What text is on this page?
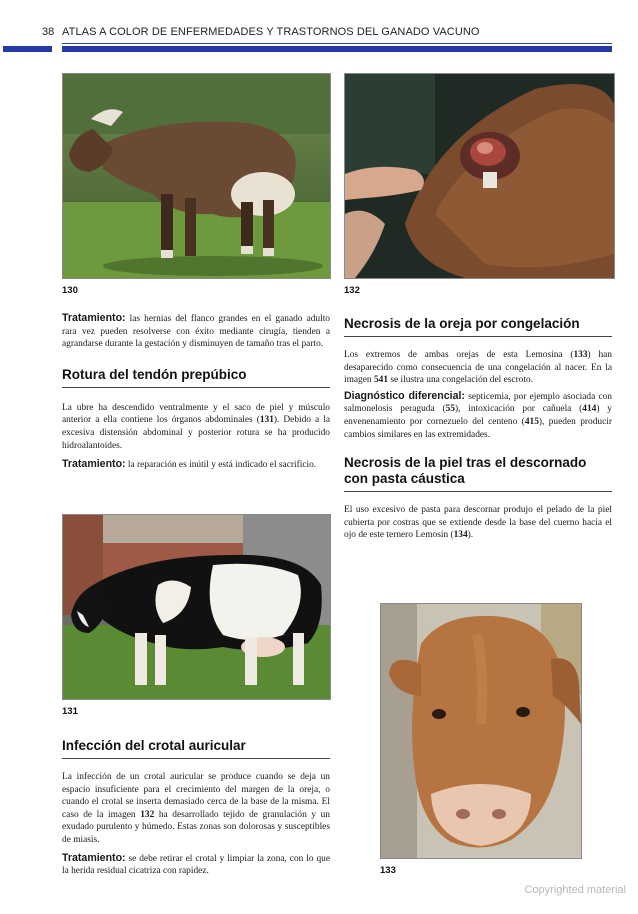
38 ATLAS A COLOR DE ENFERMEDADES Y TRASTORNOS DEL GANADO VACUNO
130	132

Tratamiento: las hernias del flanco grandes en el ganado adulto rara vez pueden resolverse con éxito mediante cirugía, tienden a agrandarse durante la gestación y disminuyen de tamaño tras el parto.

Rotura del tendón prepúbico

La ubre ha descendido ventralmente y el saco de piel y músculo anterior a ella contiene los órganos abdominales (131). Debido a la excesiva distensión abdominal y posterior rotura se ha producido hidroalantoides.

Tratamiento: la reparación es inútil y está indicado el sacrificio.

131
Infección del crotal auricular

La infección de un crotal auricular se produce cuando se deja un espacio insuficiente para el crecimiento del margen de la oreja, o cuando el crotal se inserta demasiado cerca de la base de la misma. El caso de la imagen 132 ha desarrollado tejido de granulación y un exudado purulento y húmedo. Estas zonas son dolorosas y susceptibles de miasis.

Tratamiento: se debe retirar el crotal y limpiar la zona, con lo que la herida residual cicatriza con rapidez.

Necrosis de la oreja por congelación

Los extremos de ambas orejas de esta Lemosina (133) han desaparecido como consecuencia de una congelación al nacer. En la imagen 541 se ilustra una congelación del escroto.

Diagnóstico diferencial: septicemia, por ejemplo asociada con salmonelosis peraguda (55), intoxicación por cañuela (414) y envenenamiento por cornezuelo del centeno (415), pueden producir cambios similares en las extremidades.

Necrosis de la piel tras el descornado con pasta cáustica

El uso excesivo de pasta para descornar produjo el pelado de la piel cubierta por costras que se extiende desde la base del cuerno hacia el ojo de este ternero Lemosín (134).

133
Copyrighted material
